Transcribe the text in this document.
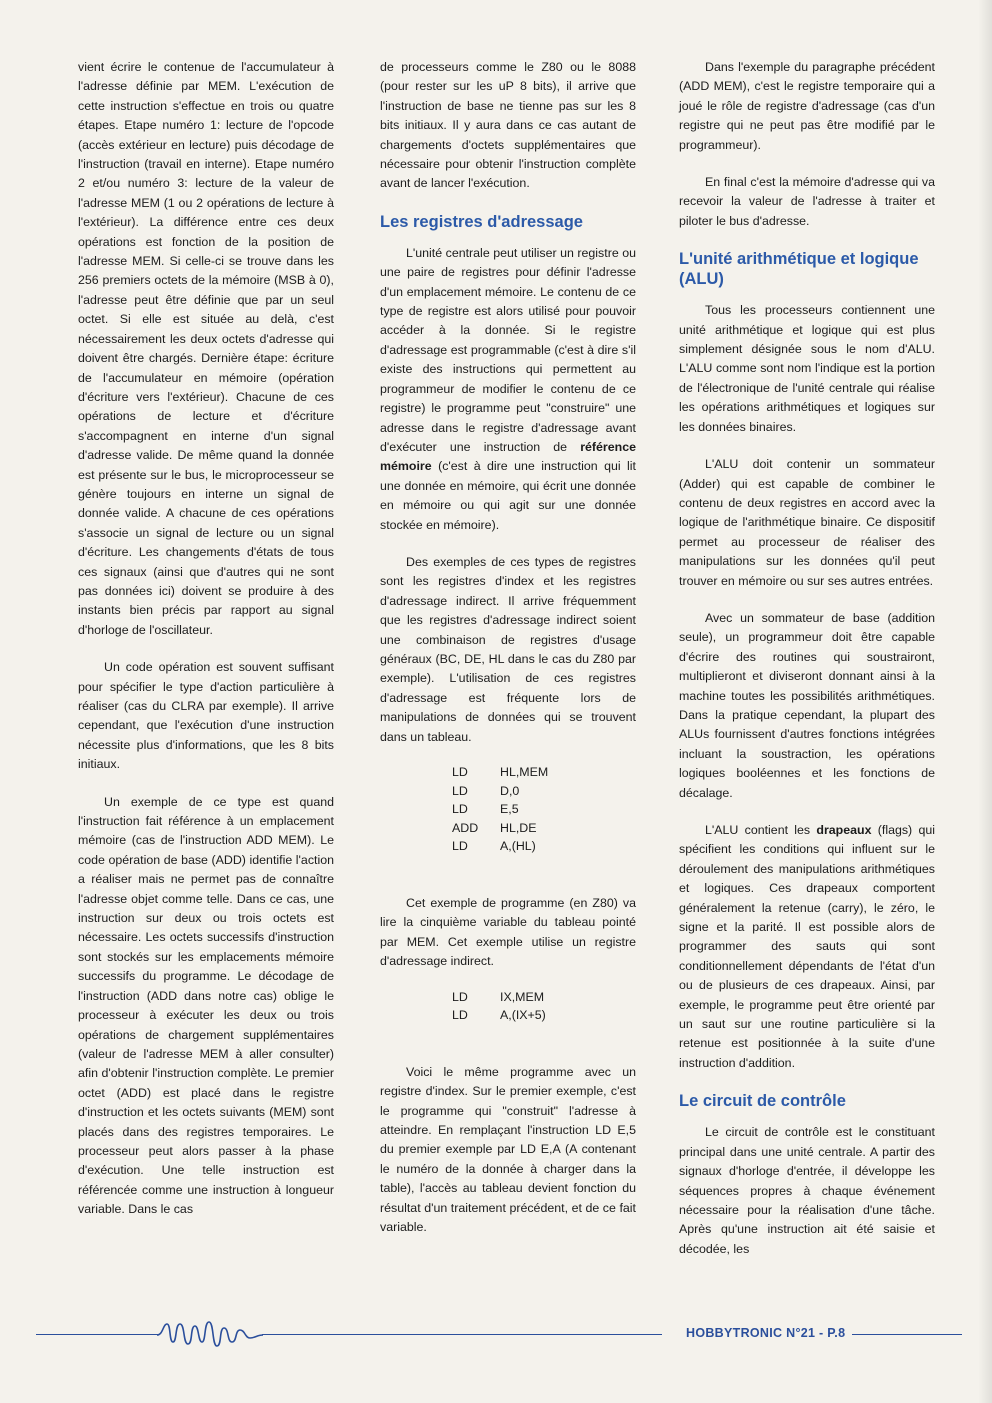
vient écrire le contenue de l'accumulateur à l'adresse définie par MEM. L'exécution de cette instruction s'effectue en trois ou quatre étapes. Etape numéro 1: lecture de l'opcode (accès extérieur en lecture) puis décodage de l'instruction (travail en interne). Etape numéro 2 et/ou numéro 3: lecture de la valeur de l'adresse MEM (1 ou 2 opérations de lecture à l'extérieur). La différence entre ces deux opérations est fonction de la position de l'adresse MEM. Si celle-ci se trouve dans les 256 premiers octets de la mémoire (MSB à 0), l'adresse peut être définie que par un seul octet. Si elle est située au delà, c'est nécessairement les deux octets d'adresse qui doivent être chargés. Dernière étape: écriture de l'accumulateur en mémoire (opération d'écriture vers l'extérieur). Chacune de ces opérations de lecture et d'écriture s'accompagnent en interne d'un signal d'adresse valide. De même quand la donnée est présente sur le bus, le microprocesseur se génère toujours en interne un signal de donnée valide. A chacune de ces opérations s'associe un signal de lecture ou un signal d'écriture. Les changements d'états de tous ces signaux (ainsi que d'autres qui ne sont pas données ici) doivent se produire à des instants bien précis par rapport au signal d'horloge de l'oscillateur.

Un code opération est souvent suffisant pour spécifier le type d'action particulière à réaliser (cas du CLRA par exemple). Il arrive cependant, que l'exécution d'une instruction nécessite plus d'informations, que les 8 bits initiaux.

Un exemple de ce type est quand l'instruction fait référence à un emplacement mémoire (cas de l'instruction ADD MEM). Le code opération de base (ADD) identifie l'action a réaliser mais ne permet pas de connaître l'adresse objet comme telle. Dans ce cas, une instruction sur deux ou trois octets est nécessaire. Les octets successifs d'instruction sont stockés sur les emplacements mémoire successifs du programme. Le décodage de l'instruction (ADD dans notre cas) oblige le processeur à exécuter les deux ou trois opérations de chargement supplémentaires (valeur de l'adresse MEM à aller consulter) afin d'obtenir l'instruction complète. Le premier octet (ADD) est placé dans le registre d'instruction et les octets suivants (MEM) sont placés dans des registres temporaires. Le processeur peut alors passer à la phase d'exécution. Une telle instruction est référencée comme une instruction à longueur variable. Dans le cas

de processeurs comme le Z80 ou le 8088 (pour rester sur les uP 8 bits), il arrive que l'instruction de base ne tienne pas sur les 8 bits initiaux. Il y aura dans ce cas autant de chargements d'octets supplémentaires que nécessaire pour obtenir l'instruction complète avant de lancer l'exécution.

Les registres d'adressage

L'unité centrale peut utiliser un registre ou une paire de registres pour définir l'adresse d'un emplacement mémoire. Le contenu de ce type de registre est alors utilisé pour pouvoir accéder à la donnée. Si le registre d'adressage est programmable (c'est à dire s'il existe des instructions qui permettent au programmeur de modifier le contenu de ce registre) le programme peut "construire" une adresse dans le registre d'adressage avant d'exécuter une instruction de référence mémoire (c'est à dire une instruction qui lit une donnée en mémoire, qui écrit une donnée en mémoire ou qui agit sur une donnée stockée en mémoire).

Des exemples de ces types de registres sont les registres d'index et les registres d'adressage indirect. Il arrive fréquemment que les registres d'adressage indirect soient une combinaison de registres d'usage généraux (BC, DE, HL dans le cas du Z80 par exemple). L'utilisation de ces registres d'adressage est fréquente lors de manipulations de données qui se trouvent dans un tableau.

LD	HL,MEM
LD	D,0
LD	E,5
ADD	HL,DE
LD	A,(HL)

Cet exemple de programme (en Z80) va lire la cinquième variable du tableau pointé par MEM. Cet exemple utilise un registre d'adressage indirect.

LD	IX,MEM
LD	A,(IX+5)

Voici le même programme avec un registre d'index. Sur le premier exemple, c'est le programme qui "construit" l'adresse à atteindre. En remplaçant l'instruction LD E,5 du premier exemple par LD E,A (A contenant le numéro de la donnée à charger dans la table), l'accès au tableau devient fonction du résultat d'un traitement précédent, et de ce fait variable.

Dans l'exemple du paragraphe précédent (ADD MEM), c'est le registre temporaire qui a joué le rôle de registre d'adressage (cas d'un registre qui ne peut pas être modifié par le programmeur).

En final c'est la mémoire d'adresse qui va recevoir la valeur de l'adresse à traiter et piloter le bus d'adresse.

L'unité arithmétique et logique (ALU)

Tous les processeurs contiennent une unité arithmétique et logique qui est plus simplement désignée sous le nom d'ALU. L'ALU comme sont nom l'indique est la portion de l'électronique de l'unité centrale qui réalise les opérations arithmétiques et logiques sur les données binaires.

L'ALU doit contenir un sommateur (Adder) qui est capable de combiner le contenu de deux registres en accord avec la logique de l'arithmétique binaire. Ce dispositif permet au processeur de réaliser des manipulations sur les données qu'il peut trouver en mémoire ou sur ses autres entrées.

Avec un sommateur de base (addition seule), un programmeur doit être capable d'écrire des routines qui soustrairont, multiplieront et diviseront donnant ainsi à la machine toutes les possibilités arithmétiques. Dans la pratique cependant, la plupart des ALUs fournissent d'autres fonctions intégrées incluant la soustraction, les opérations logiques booléennes et les fonctions de décalage.

L'ALU contient les drapeaux (flags) qui spécifient les conditions qui influent sur le déroulement des manipulations arithmétiques et logiques. Ces drapeaux comportent généralement la retenue (carry), le zéro, le signe et la parité. Il est possible alors de programmer des sauts qui sont conditionnellement dépendants de l'état d'un ou de plusieurs de ces drapeaux. Ainsi, par exemple, le programme peut être orienté par un saut sur une routine particulière si la retenue est positionnée à la suite d'une instruction d'addition.

Le circuit de contrôle

Le circuit de contrôle est le constituant principal dans une unité centrale. A partir des signaux d'horloge d'entrée, il développe les séquences propres à chaque événement nécessaire pour la réalisation d'une tâche. Après qu'une instruction ait été saisie et décodée, les

HOBBYTRONIC N°21 - P.8
